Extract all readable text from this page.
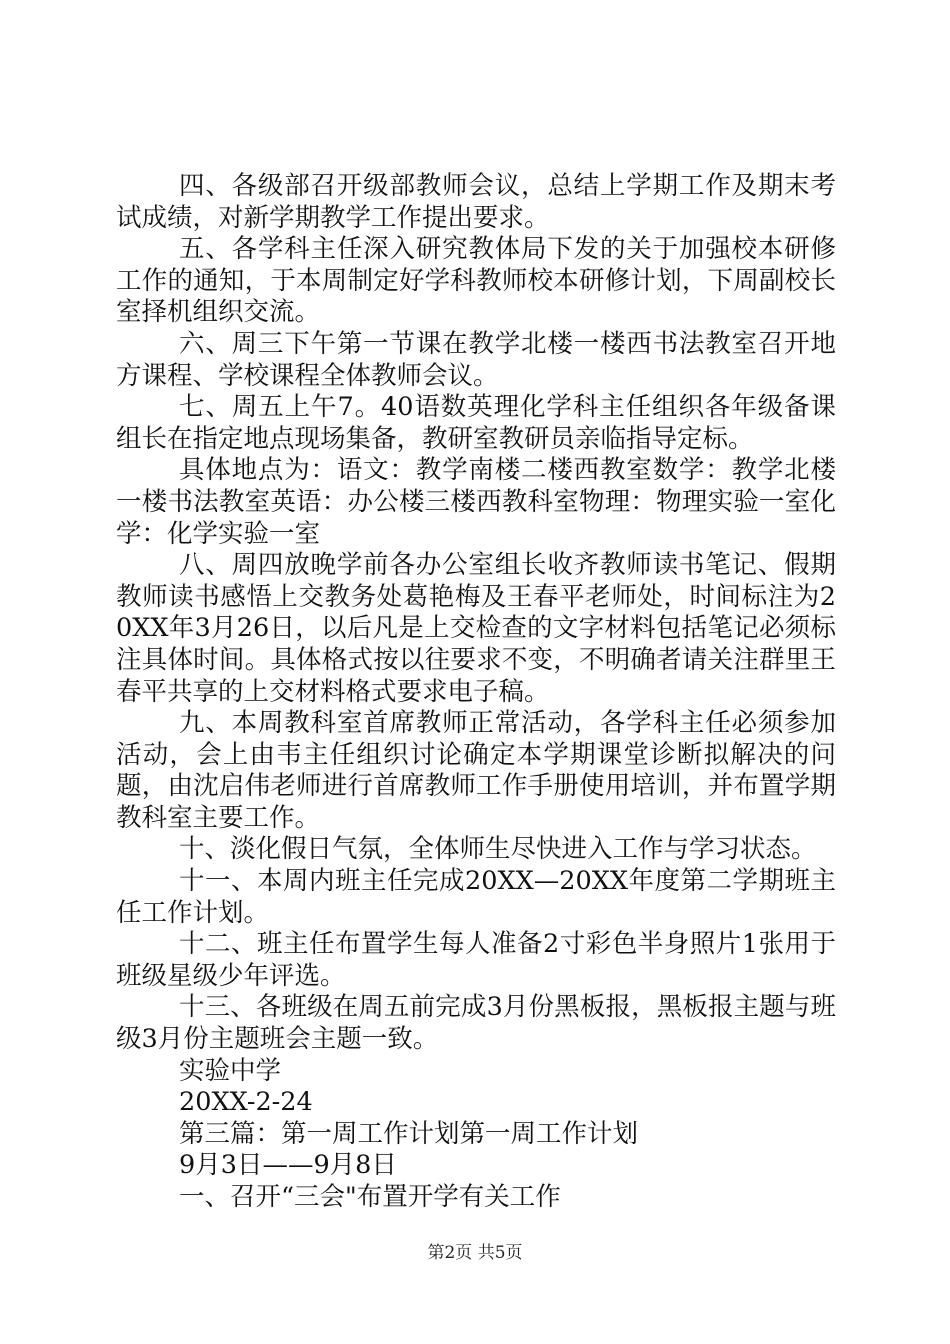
四、各级部召开级部教师会议，总结上学期工作及期末考试成绩，对新学期教学工作提出要求。

五、各学科主任深入研究教体局下发的关于加强校本研修工作的通知，于本周制定好学科教师校本研修计划，下周副校长室择机组织交流。

六、周三下午第一节课在教学北楼一楼西书法教室召开地方课程、学校课程全体教师会议。

七、周五上午7。40语数英理化学科主任组织各年级备课组长在指定地点现场集备，教研室教研员亲临指导定标。

具体地点为：语文：教学南楼二楼西教室数学：教学北楼一楼书法教室英语：办公楼三楼西教科室物理：物理实验一室化学：化学实验一室

八、周四放晚学前各办公室组长收齐教师读书笔记、假期教师读书感悟上交教务处葛艳梅及王春平老师处，时间标注为20XX年3月26日，以后凡是上交检查的文字材料包括笔记必须标注具体时间。具体格式按以往要求不变，不明确者请关注群里王春平共享的上交材料格式要求电子稿。

九、本周教科室首席教师正常活动，各学科主任必须参加活动，会上由韦主任组织讨论确定本学期课堂诊断拟解决的问题，由沈启伟老师进行首席教师工作手册使用培训，并布置学期教科室主要工作。

十、淡化假日气氛，全体师生尽快进入工作与学习状态。

十一、本周内班主任完成20XX—20XX年度第二学期班主任工作计划。

十二、班主任布置学生每人准备2寸彩色半身照片1张用于班级星级少年评选。

十三、各班级在周五前完成3月份黑板报，黑板报主题与班级3月份主题班会主题一致。

实验中学

20XX-2-24

第三篇：第一周工作计划第一周工作计划

9月3日——9月8日

一、召开“三会"布置开学有关工作

第2页 共5页
